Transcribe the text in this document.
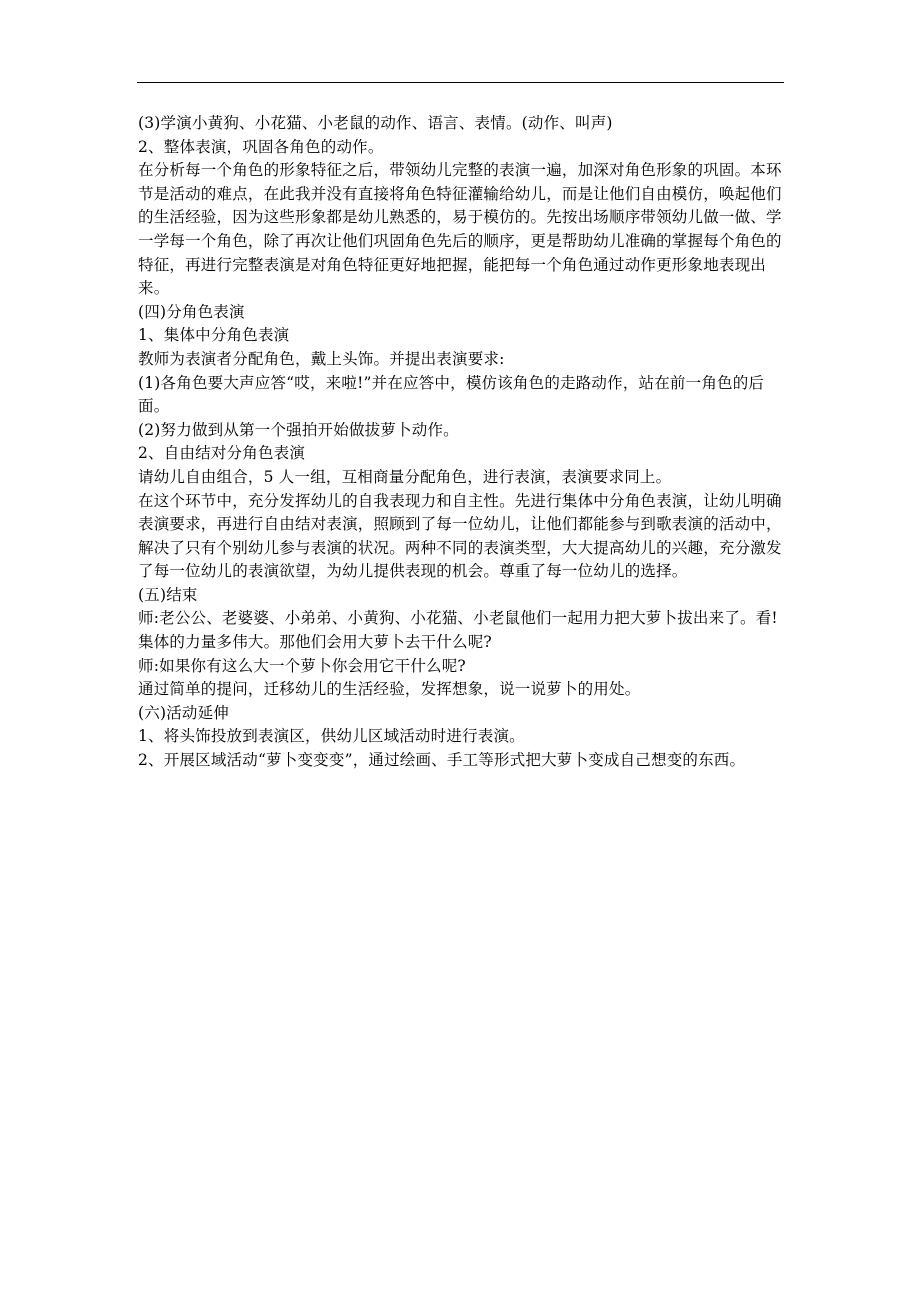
(3)学演小黄狗、小花猫、小老鼠的动作、语言、表情。(动作、叫声)

2、整体表演，巩固各角色的动作。

在分析每一个角色的形象特征之后，带领幼儿完整的表演一遍，加深对角色形象的巩固。本环节是活动的难点，在此我并没有直接将角色特征灌输给幼儿，而是让他们自由模仿，唤起他们的生活经验，因为这些形象都是幼儿熟悉的，易于模仿的。先按出场顺序带领幼儿做一做、学一学每一个角色，除了再次让他们巩固角色先后的顺序，更是帮助幼儿准确的掌握每个角色的特征，再进行完整表演是对角色特征更好地把握，能把每一个角色通过动作更形象地表现出来。

(四)分角色表演

1、集体中分角色表演

教师为表演者分配角色，戴上头饰。并提出表演要求:

(1)各角色要大声应答“哎，来啦!”并在应答中，模仿该角色的走路动作，站在前一角色的后面。

(2)努力做到从第一个强拍开始做拔萝卜动作。

2、自由结对分角色表演

请幼儿自由组合，5 人一组，互相商量分配角色，进行表演，表演要求同上。

在这个环节中，充分发挥幼儿的自我表现力和自主性。先进行集体中分角色表演，让幼儿明确表演要求，再进行自由结对表演，照顾到了每一位幼儿，让他们都能参与到歌表演的活动中，解决了只有个别幼儿参与表演的状况。两种不同的表演类型，大大提高幼儿的兴趣，充分激发了每一位幼儿的表演欲望，为幼儿提供表现的机会。尊重了每一位幼儿的选择。

(五)结束

师:老公公、老婆婆、小弟弟、小黄狗、小花猫、小老鼠他们一起用力把大萝卜拔出来了。看!集体的力量多伟大。那他们会用大萝卜去干什么呢?

师:如果你有这么大一个萝卜你会用它干什么呢?

通过简单的提问，迁移幼儿的生活经验，发挥想象，说一说萝卜的用处。

(六)活动延伸

1、将头饰投放到表演区，供幼儿区域活动时进行表演。

2、开展区域活动“萝卜变变变”，通过绘画、手工等形式把大萝卜变成自己想变的东西。
